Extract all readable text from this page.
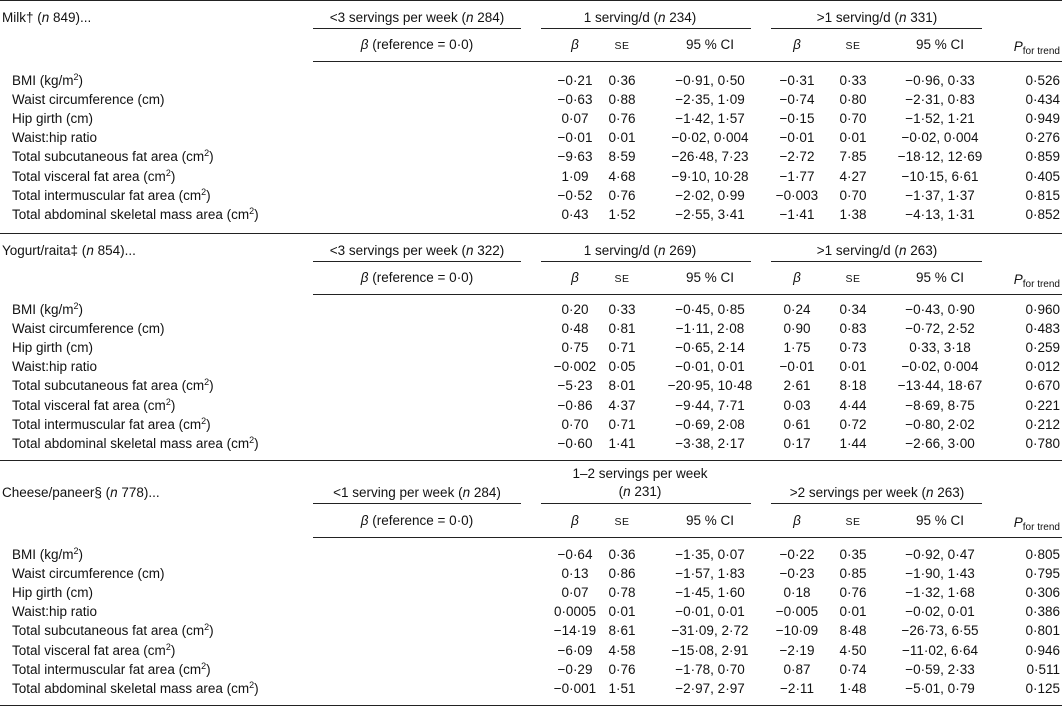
Milk† (n 849)...	<3 servings per week (n 284)	1 serving/d (n 234)	>1 serving/d (n 331)
β (reference = 0·0)	β	β
SE	SE
95 % CI	95 % CI	$P_{for trend}$
BMI $(kg/m^2)$	−0·21	0·36	−0·91, 0·50	−0·31	0·33	−0·96, 0·33	0·526
Waist circumference (cm)	−0·63	0·88	−2·35, 1·09	−0·74	0·80	−2·31, 0·83	0·434
Hip girth (cm)	0·07	0·76	−1·42, 1·57	−0·15	0·70	−1·52, 1·21	0·949
Waist:hip ratio	−0·01	0·01	−0·02, 0·004	−0·01	0·01	−0·02, 0·004	0·276
Total subcutaneous fat area $(cm^2)$	−9·63	8·59	−26·48, 7·23	−2·72	7·85	−18·12, 12·69	0·859
Total visceral fat area $(cm^2)$	1·09	4·68	−9·10, 10·28	−1·77	4·27	−10·15, 6·61	0·405
Total intermuscular fat area $(cm^2)$	−0·52	0·76	−2·02, 0·99	−0·003	0·70	−1·37, 1·37	0·815
Total abdominal skeletal mass area $(cm^2)$	0·43	1·52	−2·55, 3·41	−1·41	1·38	−4·13, 1·31	0·852
Yogurt/raita‡ (n 854)...	<3 servings per week (n 322)	1 serving/d (n 269)	>1 serving/d (n 263)
β (reference = 0·0)	β	β
SE	SE
95 % CI	95 % CI	$P_{for trend}$
BMI $(kg/m^2)$	0·20	0·33	−0·45, 0·85	0·24	0·34	−0·43, 0·90	0·960
Waist circumference (cm)	0·48	0·81	−1·11, 2·08	0·90	0·83	−0·72, 2·52	0·483
Hip girth (cm)	0·75	0·71	−0·65, 2·14	1·75	0·73	0·33, 3·18	0·259
Waist:hip ratio	−0·002 0·05	−0·01, 0·01	−0·01	0·01	−0·02, 0·004	0·012
Total subcutaneous fat area $(cm^2)$	−5·23	8·01	−20·95, 10·48	2·61	8·18	−13·44, 18·67	0·670
Total visceral fat area $(cm^2)$	−0·86	4·37	−9·44, 7·71	0·03	4·44	−8·69, 8·75	0·221
Total intermuscular fat area $(cm^2)$	0·70	0·71	−0·69, 2·08	0·61	0·72	−0·80, 2·02	0·212
Total abdominal skeletal mass area $(cm^2)$	−0·60	1·41	−3·38, 2·17	0·17	1·44	−2·66, 3·00	0·780
Cheese/paneer§ (n 778)...	<1 serving per week (n 284)
1–2 servings per week
(n 231)	>2 servings per week (n 263)
β (reference = 0·0)	β	β
SE	SE
95 % CI	95 % CI	$P_{for trend}$
BMI $(kg/m^2)$	−0·64	0·36	−1·35, 0·07	−0·22	0·35	−0·92, 0·47	0·805
Waist circumference (cm)	0·13	0·86	−1·57, 1·83	−0·23	0·85	−1·90, 1·43	0·795
Hip girth (cm)	0·07	0·78	−1·45, 1·60	0·18	0·76	−1·32, 1·68	0·306
Waist:hip ratio	0·0005 0·01	−0·01, 0·01	−0·005	0·01	−0·02, 0·01	0·386
Total subcutaneous fat area $(cm^2)$	−14·19 8·61	−31·09, 2·72	−10·09	8·48	−26·73, 6·55	0·801
Total visceral fat area $(cm^2)$	−6·09	4·58	−15·08, 2·91	−2·19	4·50	−11·02, 6·64	0·946
Total intermuscular fat area $(cm^2)$	−0·29	0·76	−1·78, 0·70	0·87	0·74	−0·59, 2·33	0·511
Total abdominal skeletal mass area $(cm^2)$	−0·001 1·51	−2·97, 2·97	−2·11	1·48	−5·01, 0·79	0·125
